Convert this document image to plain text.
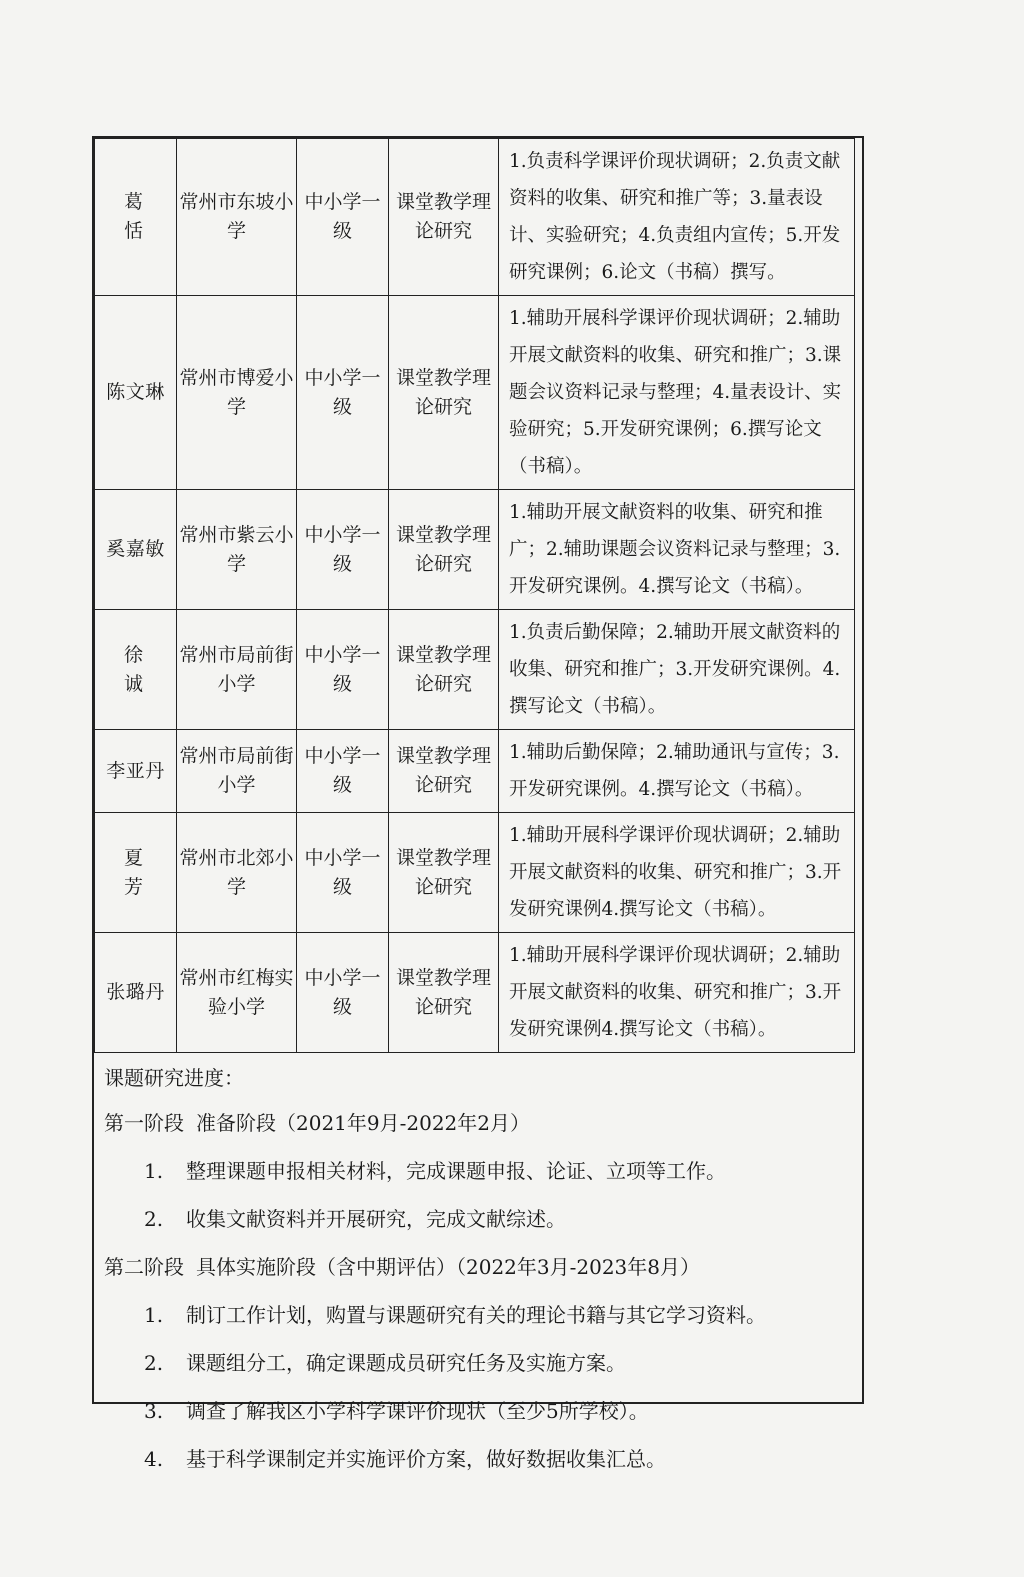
葛 恬	常州市东坡小学	中小学一级	课堂教学理论研究	1.负责科学课评价现状调研；2.负责文献资料的收集、研究和推广等；3.量表设计、实验研究；4.负责组内宣传；5.开发研究课例；6.论文（书稿）撰写。
陈文琳	常州市博爱小学	中小学一级	课堂教学理论研究	1.辅助开展科学课评价现状调研；2.辅助开展文献资料的收集、研究和推广；3.课题会议资料记录与整理；4.量表设计、实验研究；5.开发研究课例；6.撰写论文（书稿）。
奚嘉敏	常州市紫云小学	中小学一级	课堂教学理论研究	1.辅助开展文献资料的收集、研究和推广；2.辅助课题会议资料记录与整理；3.开发研究课例。4.撰写论文（书稿）。
徐 诚	常州市局前街小学	中小学一级	课堂教学理论研究	1.负责后勤保障；2.辅助开展文献资料的收集、研究和推广；3.开发研究课例。4.撰写论文（书稿）。
李亚丹	常州市局前街小学	中小学一级	课堂教学理论研究	1.辅助后勤保障；2.辅助通讯与宣传；3.开发研究课例。4.撰写论文（书稿）。
夏 芳	常州市北郊小学	中小学一级	课堂教学理论研究	1.辅助开展科学课评价现状调研；2.辅助开展文献资料的收集、研究和推广；3.开发研究课例4.撰写论文（书稿）。
张璐丹	常州市红梅实验小学	中小学一级	课堂教学理论研究	1.辅助开展科学课评价现状调研；2.辅助开展文献资料的收集、研究和推广；3.开发研究课例4.撰写论文（书稿）。
课题研究进度：
第一阶段 准备阶段（2021年9月-2022年2月）
1. 整理课题申报相关材料，完成课题申报、论证、立项等工作。
2. 收集文献资料并开展研究，完成文献综述。
第二阶段 具体实施阶段（含中期评估）（2022年3月-2023年8月）
1. 制订工作计划，购置与课题研究有关的理论书籍与其它学习资料。
2. 课题组分工，确定课题成员研究任务及实施方案。
3. 调查了解我区小学科学课评价现状（至少5所学校）。
4. 基于科学课制定并实施评价方案，做好数据收集汇总。
